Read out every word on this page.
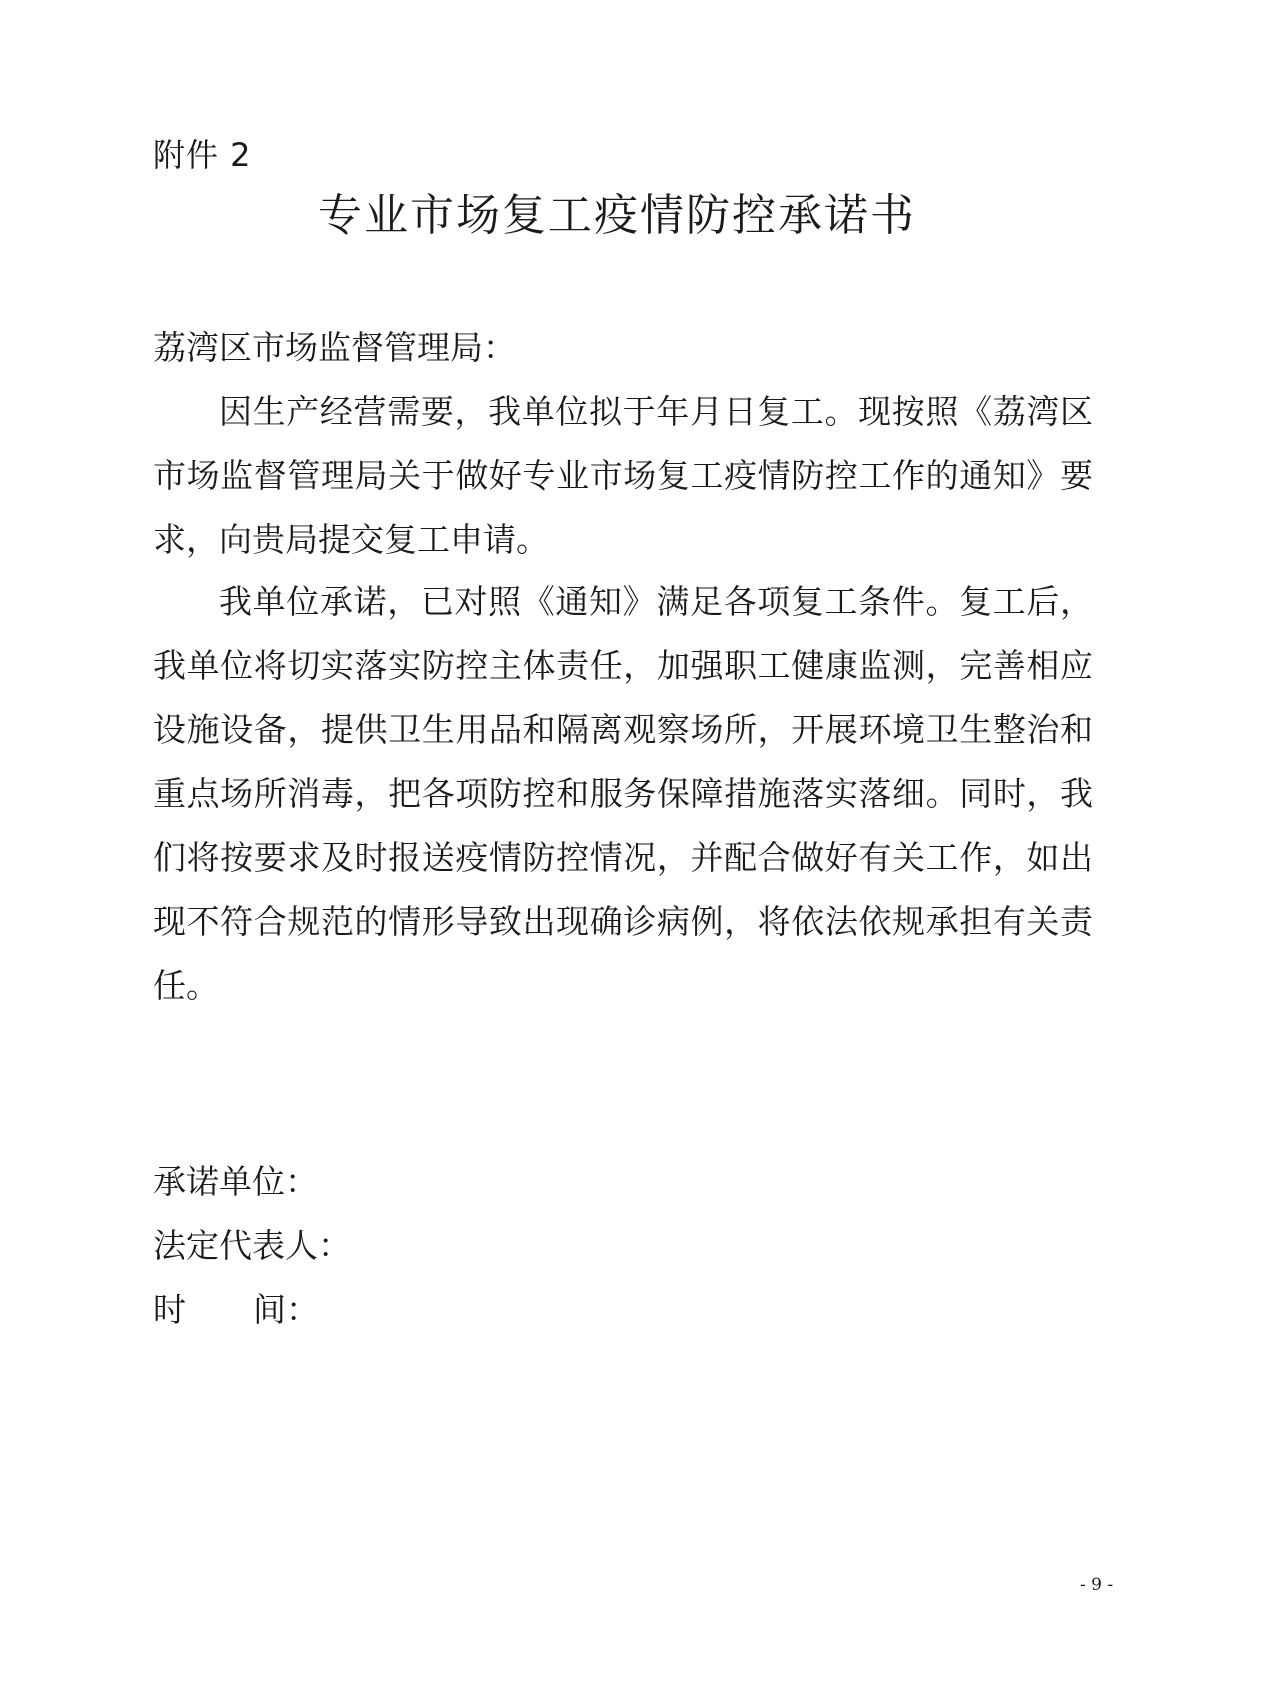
附件 2
专业市场复工疫情防控承诺书
荔湾区市场监督管理局：

因生产经营需要，我单位拟于年月日复工。现按照《荔湾区市场监督管理局关于做好专业市场复工疫情防控工作的通知》要求，向贵局提交复工申请。

我单位承诺，已对照《通知》满足各项复工条件。复工后，我单位将切实落实防控主体责任，加强职工健康监测，完善相应设施设备，提供卫生用品和隔离观察场所，开展环境卫生整治和重点场所消毒，把各项防控和服务保障措施落实落细。同时，我们将按要求及时报送疫情防控情况，并配合做好有关工作，如出现不符合规范的情形导致出现确诊病例，将依法依规承担有关责任。

承诺单位：
法定代表人：
时 间：
- 9 -
